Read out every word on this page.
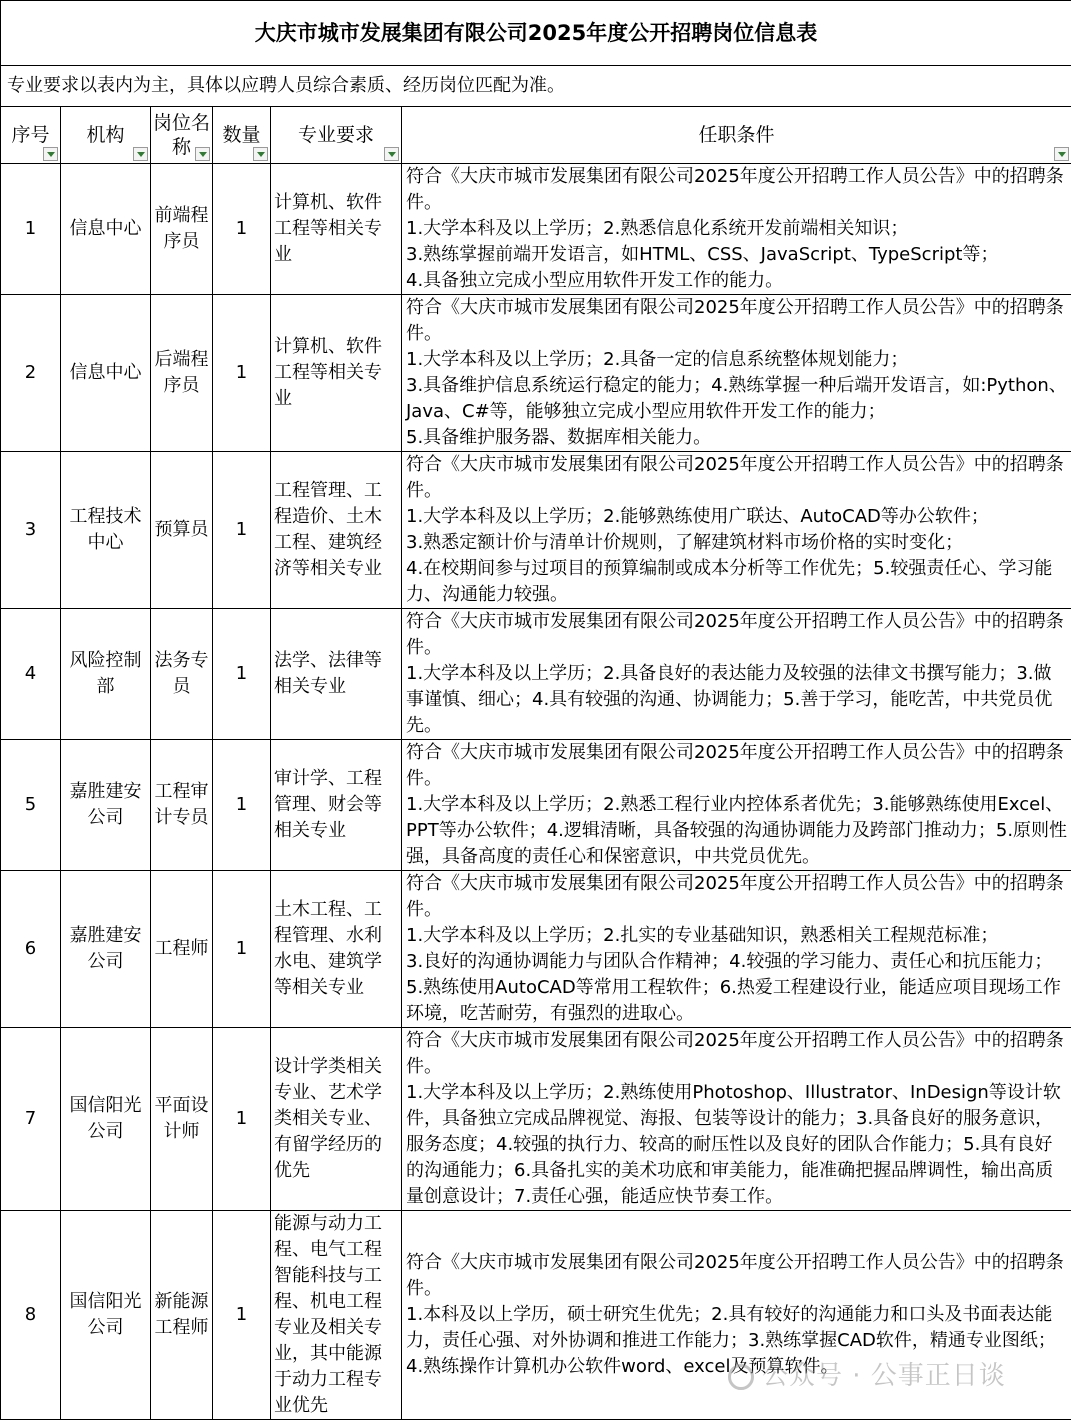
大庆市城市发展集团有限公司2025年度公开招聘岗位信息表					
专业要求以表内为主，具体以应聘人员综合素质、经历岗位匹配为准。					

序号	机构	岗位名称	数量	专业要求	任职条件

1	信息中心	前端程序员	1	计算机、软件工程等相关专业	符合《大庆市城市发展集团有限公司2025年度公开招聘工作人员公告》中的招聘条件。
1.大学本科及以上学历；2.熟悉信息化系统开发前端相关知识；
3.熟练掌握前端开发语言，如HTML、CSS、JavaScript、TypeScript等；
4.具备独立完成小型应用软件开发工作的能力。

2	信息中心	后端程序员	1	计算机、软件工程等相关专业	符合《大庆市城市发展集团有限公司2025年度公开招聘工作人员公告》中的招聘条件。
1.大学本科及以上学历；2.具备一定的信息系统整体规划能力；
3.具备维护信息系统运行稳定的能力；4.熟练掌握一种后端开发语言，如:Python、Java、C#等，能够独立完成小型应用软件开发工作的能力；
5.具备维护服务器、数据库相关能力。

3	工程技术中心	预算员	1	工程管理、工程造价、土木工程、建筑经济等相关专业	符合《大庆市城市发展集团有限公司2025年度公开招聘工作人员公告》中的招聘条件。
1.大学本科及以上学历；2.能够熟练使用广联达、AutoCAD等办公软件；
3.熟悉定额计价与清单计价规则，了解建筑材料市场价格的实时变化；
4.在校期间参与过项目的预算编制或成本分析等工作优先；5.较强责任心、学习能力、沟通能力较强。

4	风险控制部	法务专员	1	法学、法律等相关专业	符合《大庆市城市发展集团有限公司2025年度公开招聘工作人员公告》中的招聘条件。
1.大学本科及以上学历；2.具备良好的表达能力及较强的法律文书撰写能力；3.做事谨慎、细心；4.具有较强的沟通、协调能力；5.善于学习，能吃苦，中共党员优先。

5	嘉胜建安公司	工程审计专员	1	审计学、工程管理、财会等相关专业	符合《大庆市城市发展集团有限公司2025年度公开招聘工作人员公告》中的招聘条件。
1.大学本科及以上学历；2.熟悉工程行业内控体系者优先；3.能够熟练使用Excel、PPT等办公软件；4.逻辑清晰，具备较强的沟通协调能力及跨部门推动力；5.原则性强，具备高度的责任心和保密意识，中共党员优先。

6	嘉胜建安公司	工程师	1	土木工程、工程管理、水利水电、建筑学等相关专业	符合《大庆市城市发展集团有限公司2025年度公开招聘工作人员公告》中的招聘条件。
1.大学本科及以上学历；2.扎实的专业基础知识，熟悉相关工程规范标准；
3.良好的沟通协调能力与团队合作精神；4.较强的学习能力、责任心和抗压能力；5.熟练使用AutoCAD等常用工程软件；6.热爱工程建设行业，能适应项目现场工作环境，吃苦耐劳，有强烈的进取心。

7	国信阳光公司	平面设计师	1	设计学类相关专业、艺术学类相关专业、有留学经历的优先	符合《大庆市城市发展集团有限公司2025年度公开招聘工作人员公告》中的招聘条件。
1.大学本科及以上学历；2.熟练使用Photoshop、Illustrator、InDesign等设计软件，具备独立完成品牌视觉、海报、包装等设计的能力；3.具备良好的服务意识，服务态度；4.较强的执行力、较高的耐压性以及良好的团队合作能力；5.具有良好的沟通能力；6.具备扎实的美术功底和审美能力，能准确把握品牌调性，输出高质量创意设计；7.责任心强，能适应快节奏工作。

8	国信阳光公司	新能源工程师	1	能源与动力工程、电气工程智能科技与工程、机电工程专业及相关专业，其中能源于动力工程专业优先	符合《大庆市城市发展集团有限公司2025年度公开招聘工作人员公告》中的招聘条件。
1.本科及以上学历，硕士研究生优先；2.具有较好的沟通能力和口头及书面表达能力，责任心强、对外协调和推进工作能力；3.熟练掌握CAD软件，精通专业图纸；4.熟练操作计算机办公软件word、excel及预算软件。
公众号 · 公事正日谈
